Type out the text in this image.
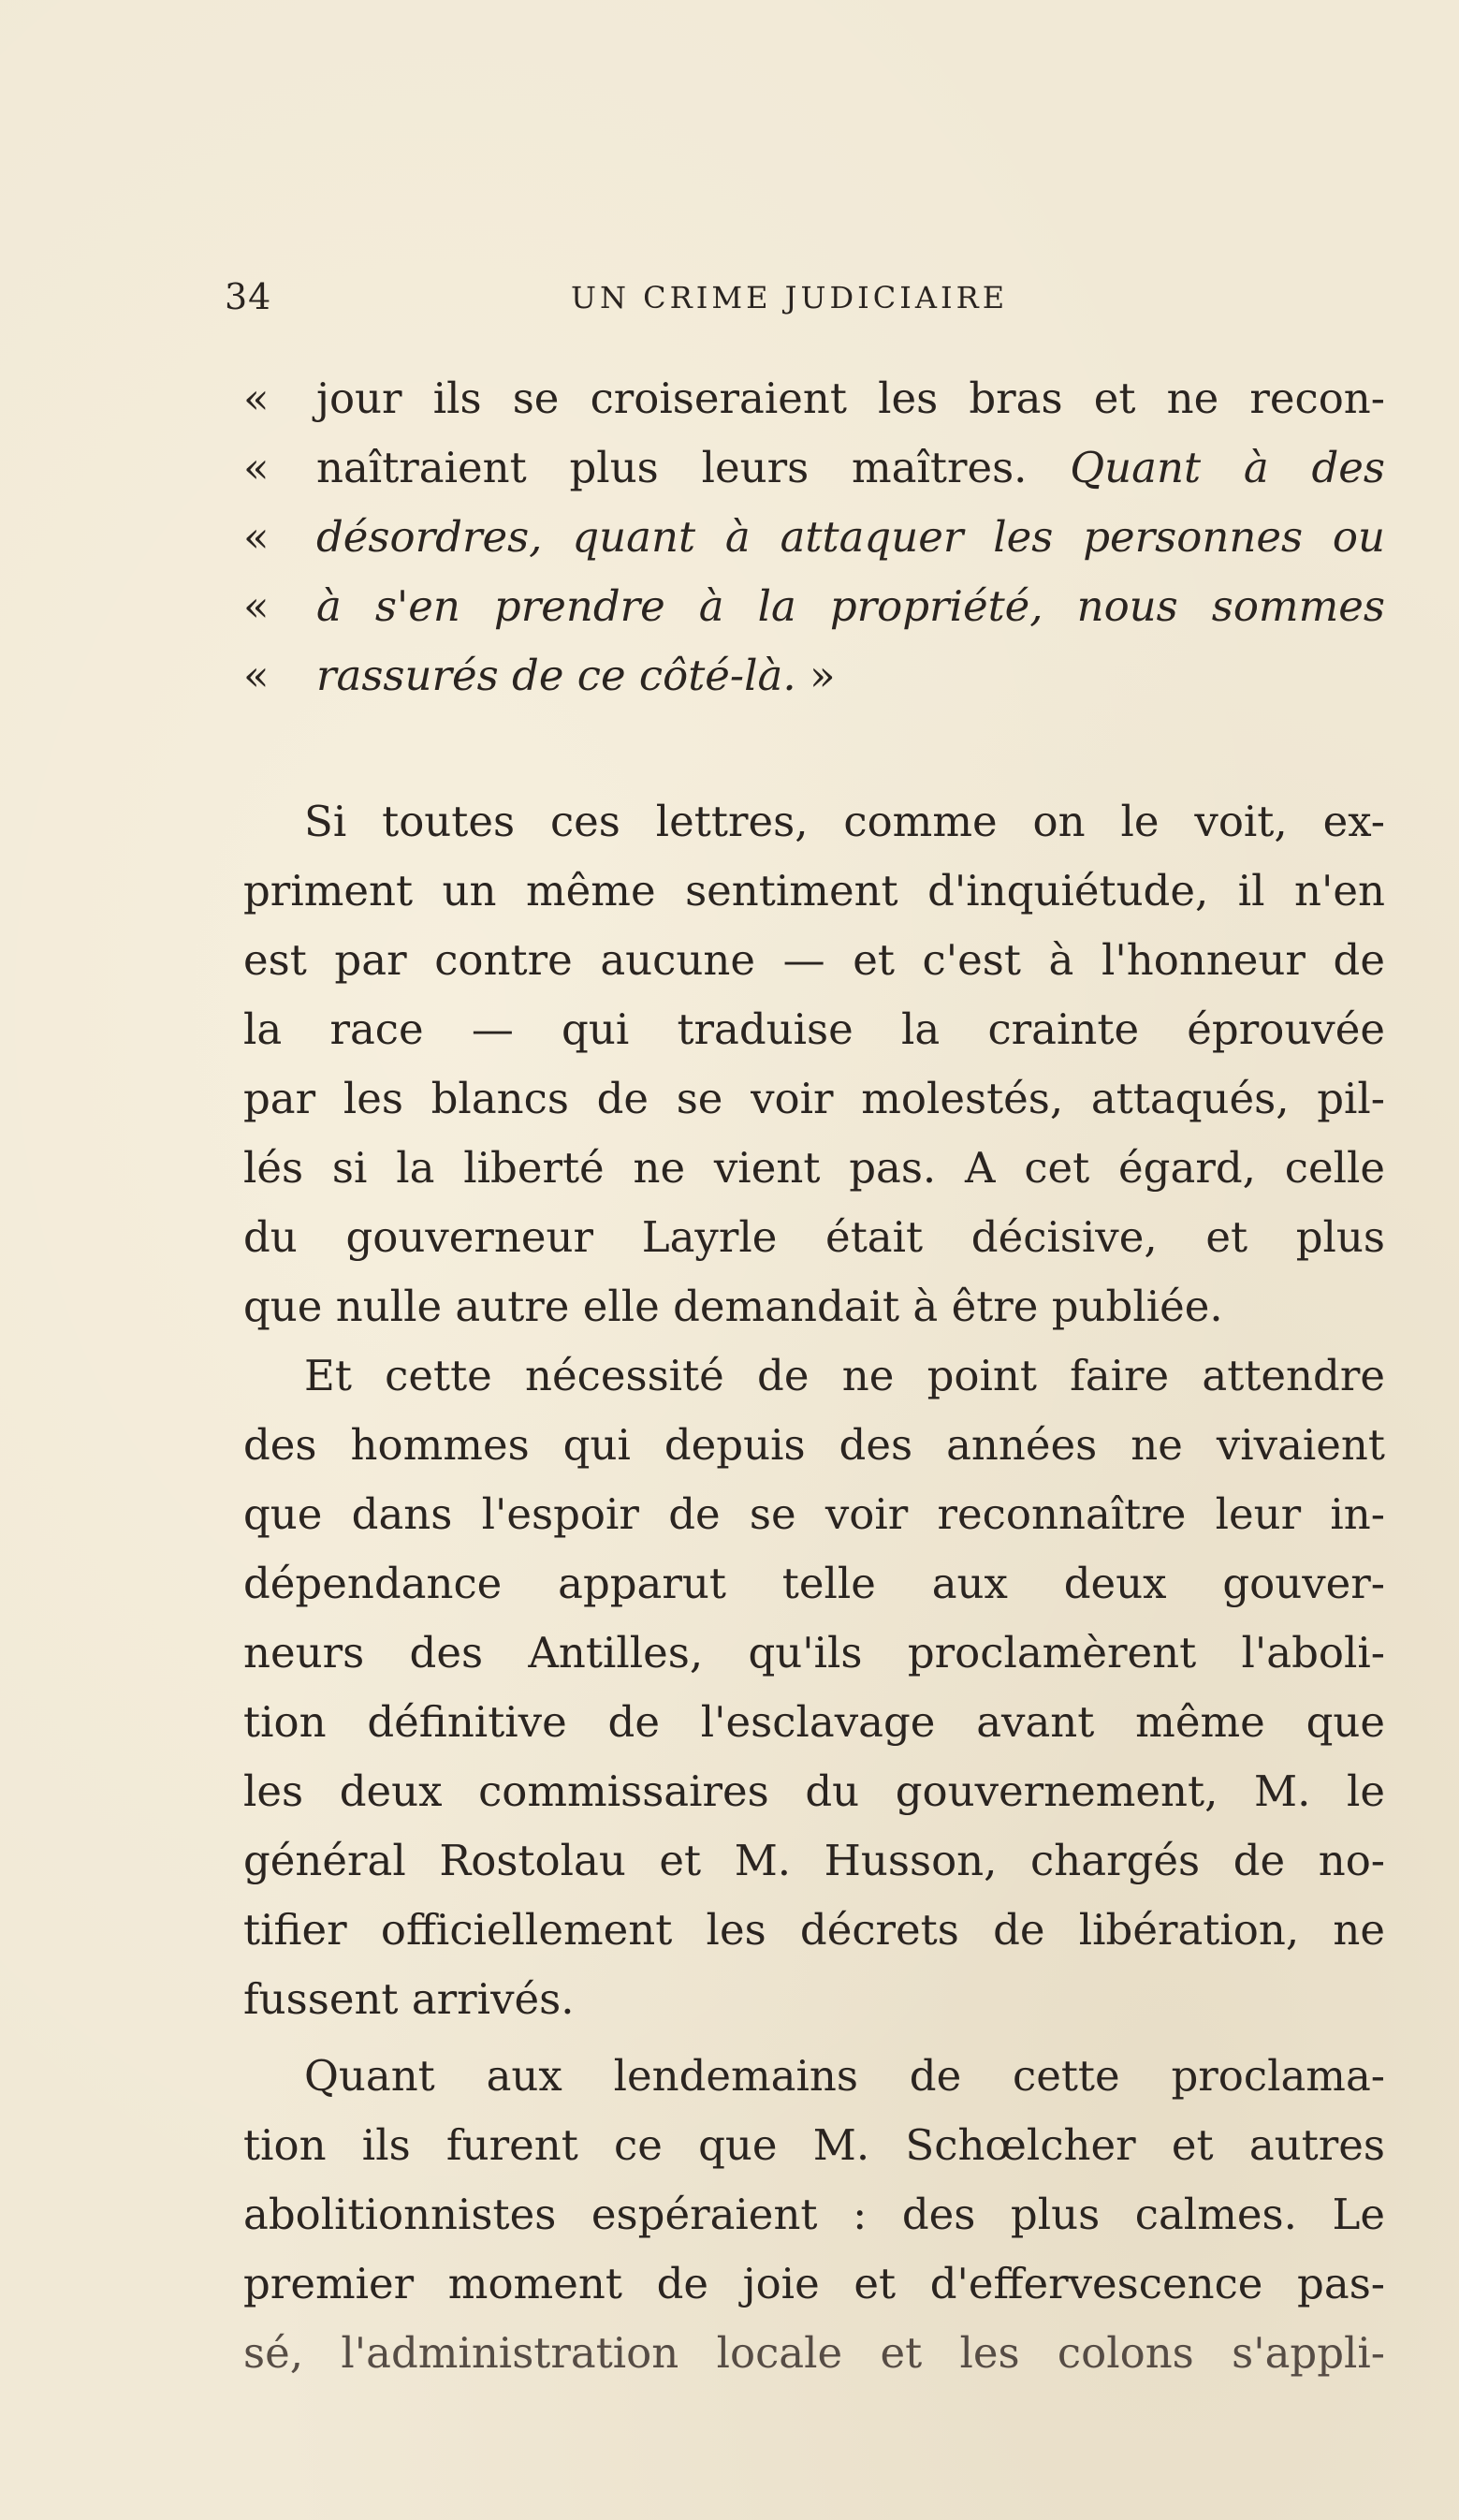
34	UN CRIME JUDICIAIRE
«	jour ils se croiseraient les bras et ne recon-
«	naîtraient plus leurs maîtres. Quant à des
«	désordres, quant à attaquer les personnes ou
«	à s'en prendre à la propriété, nous sommes
«	rassurés de ce côté-là. »
Si toutes ces lettres, comme on le voit, ex-
priment un même sentiment d'inquiétude, il n'en
est par contre aucune — et c'est à l'honneur de
la race — qui traduise la crainte éprouvée
par les blancs de se voir molestés, attaqués, pil-
lés si la liberté ne vient pas. A cet égard, celle
du gouverneur Layrle était décisive, et plus
que nulle autre elle demandait à être publiée.
Et cette nécessité de ne point faire attendre
des hommes qui depuis des années ne vivaient
que dans l'espoir de se voir reconnaître leur in-
dépendance apparut telle aux deux gouver-
neurs des Antilles, qu'ils proclamèrent l'aboli-
tion définitive de l'esclavage avant même que
les deux commissaires du gouvernement, M. le
général Rostolau et M. Husson, chargés de no-
tifier officiellement les décrets de libération, ne
fussent arrivés.
Quant aux lendemains de cette proclama-
tion ils furent ce que M. Schœlcher et autres
abolitionnistes espéraient : des plus calmes. Le
premier moment de joie et d'effervescence pas-
sé, l'administration locale et les colons s'appli-
